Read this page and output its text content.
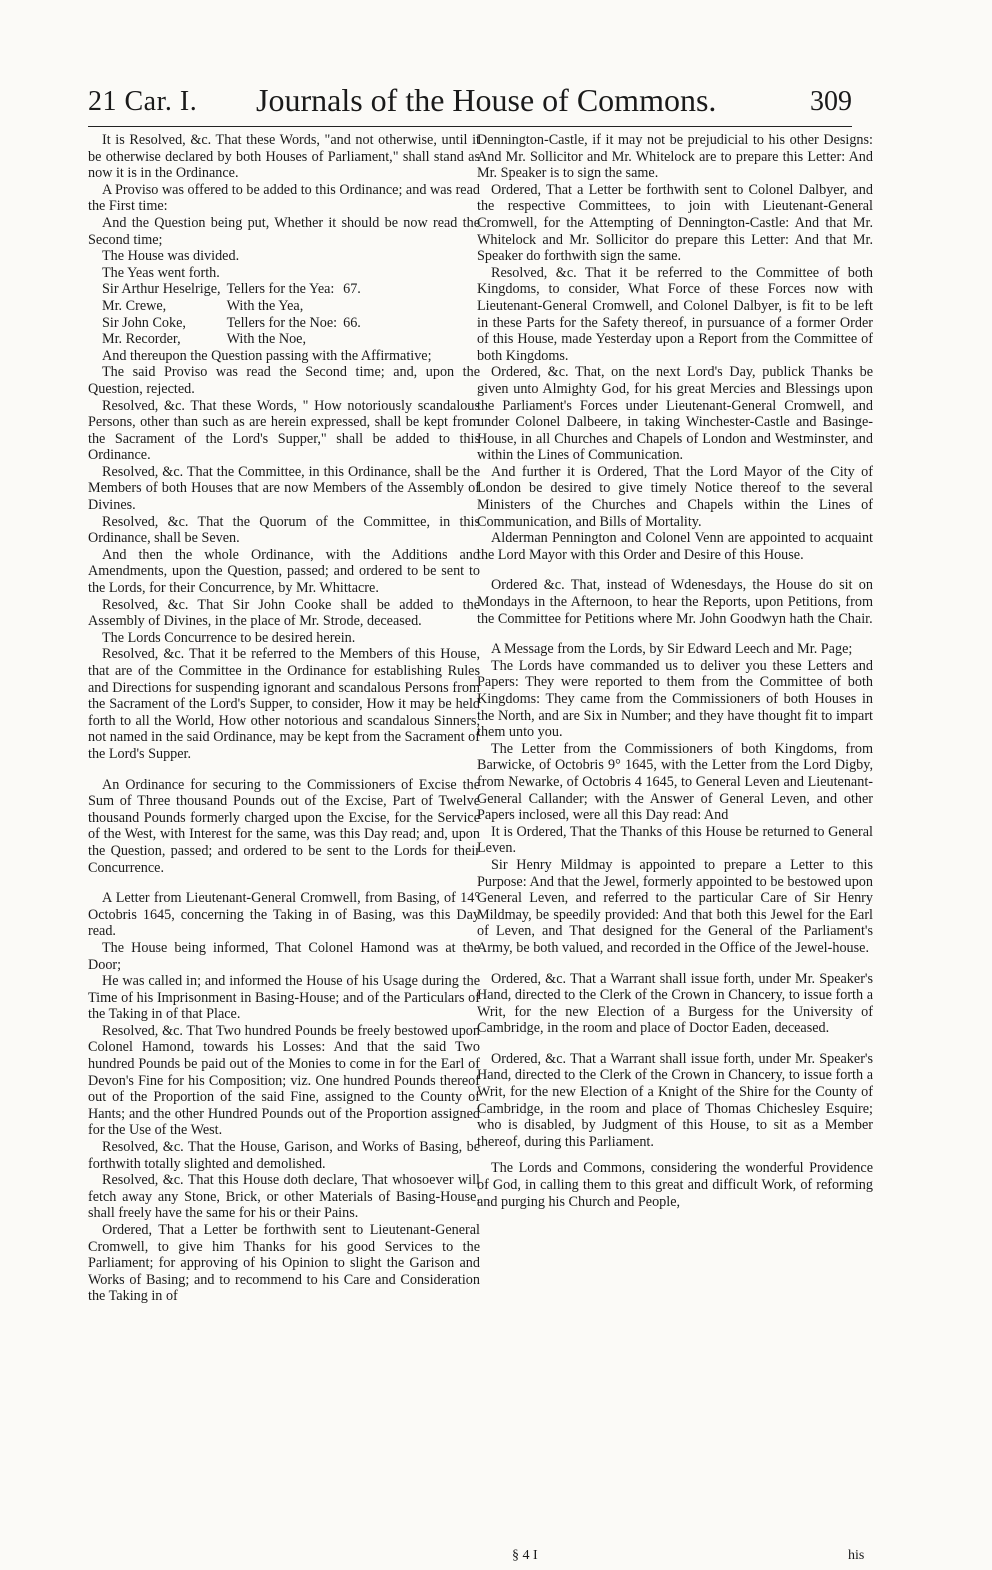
21 Car. I. Journals of the House of Commons.	309

It is Resolved, &c. That these Words, "and not otherwise, until it be otherwise declared by both Houses of Parliament," shall stand as now it is in the Ordinance.

A Proviso was offered to be added to this Ordinance; and was read the First time:

And the Question being put, Whether it should be now read the Second time;

The House was divided.

The Yeas went forth.

Sir Arthur Heselrige,	Tellers for the Yea:	67.
Mr. Crewe,	With the Yea,	
Sir John Coke,	Tellers for the Noe:	66.
Mr. Recorder,	With the Noe,	

And thereupon the Question passing with the Affirmative;

The said Proviso was read the Second time; and, upon the Question, rejected.

Resolved, &c. That these Words, " How notoriously scandalous Persons, other than such as are herein expressed, shall be kept from the Sacrament of the Lord's Supper," shall be added to this Ordinance.

Resolved, &c. That the Committee, in this Ordinance, shall be the Members of both Houses that are now Members of the Assembly of Divines.

Resolved, &c. That the Quorum of the Committee, in this Ordinance, shall be Seven.

And then the whole Ordinance, with the Additions and Amendments, upon the Question, passed; and ordered to be sent to the Lords, for their Concurrence, by Mr. Whittacre.

Resolved, &c. That Sir John Cooke shall be added to the Assembly of Divines, in the place of Mr. Strode, deceased.

The Lords Concurrence to be desired herein.

Resolved, &c. That it be referred to the Members of this House, that are of the Committee in the Ordinance for establishing Rules and Directions for suspending ignorant and scandalous Persons from the Sacrament of the Lord's Supper, to consider, How it may be held forth to all the World, How other notorious and scandalous Sinners, not named in the said Ordinance, may be kept from the Sacrament of the Lord's Supper.

An Ordinance for securing to the Commissioners of Excise the Sum of Three thousand Pounds out of the Excise, Part of Twelve thousand Pounds formerly charged upon the Excise, for the Service of the West, with Interest for the same, was this Day read; and, upon the Question, passed; and ordered to be sent to the Lords for their Concurrence.

A Letter from Lieutenant-General Cromwell, from Basing, of 14° Octobris 1645, concerning the Taking in of Basing, was this Day read.

The House being informed, That Colonel Hamond was at the Door;

He was called in; and informed the House of his Usage during the Time of his Imprisonment in Basing-House; and of the Particulars of the Taking in of that Place.

Resolved, &c. That Two hundred Pounds be freely bestowed upon Colonel Hamond, towards his Losses: And that the said Two hundred Pounds be paid out of the Monies to come in for the Earl of Devon's Fine for his Composition; viz. One hundred Pounds thereof out of the Proportion of the said Fine, assigned to the County of Hants; and the other Hundred Pounds out of the Proportion assigned for the Use of the West.

Resolved, &c. That the House, Garison, and Works of Basing, be forthwith totally slighted and demolished.

Resolved, &c. That this House doth declare, That whosoever will fetch away any Stone, Brick, or other Materials of Basing-House, shall freely have the same for his or their Pains.

Ordered, That a Letter be forthwith sent to Lieutenant-General Cromwell, to give him Thanks for his good Services to the Parliament; for approving of his Opinion to slight the Garison and Works of Basing; and to recommend to his Care and Consideration the Taking in of

Dennington-Castle, if it may not be prejudicial to his other Designs: And Mr. Sollicitor and Mr. Whitelock are to prepare this Letter: And Mr. Speaker is to sign the same.

Ordered, That a Letter be forthwith sent to Colonel Dalbyer, and the respective Committees, to join with Lieutenant-General Cromwell, for the Attempting of Dennington-Castle: And that Mr. Whitelock and Mr. Sollicitor do prepare this Letter: And that Mr. Speaker do forthwith sign the same.

Resolved, &c. That it be referred to the Committee of both Kingdoms, to consider, What Force of these Forces now with Lieutenant-General Cromwell, and Colonel Dalbyer, is fit to be left in these Parts for the Safety thereof, in pursuance of a former Order of this House, made Yesterday upon a Report from the Committee of both Kingdoms.

Ordered, &c. That, on the next Lord's Day, publick Thanks be given unto Almighty God, for his great Mercies and Blessings upon the Parliament's Forces under Lieutenant-General Cromwell, and under Colonel Dalbeere, in taking Winchester-Castle and Basinge-House, in all Churches and Chapels of London and Westminster, and within the Lines of Communication.

And further it is Ordered, That the Lord Mayor of the City of London be desired to give timely Notice thereof to the several Ministers of the Churches and Chapels within the Lines of Communication, and Bills of Mortality.

Alderman Pennington and Colonel Venn are appointed to acquaint the Lord Mayor with this Order and Desire of this House.

Ordered &c. That, instead of Wdenesdays, the House do sit on Mondays in the Afternoon, to hear the Reports, upon Petitions, from the Committee for Petitions where Mr. John Goodwyn hath the Chair.

A Message from the Lords, by Sir Edward Leech and Mr. Page;

The Lords have commanded us to deliver you these Letters and Papers: They were reported to them from the Committee of both Kingdoms: They came from the Commissioners of both Houses in the North, and are Six in Number; and they have thought fit to impart them unto you.

The Letter from the Commissioners of both Kingdoms, from Barwicke, of Octobris 9° 1645, with the Letter from the Lord Digby, from Newarke, of Octobris 4 1645, to General Leven and Lieutenant-General Callander; with the Answer of General Leven, and other Papers inclosed, were all this Day read: And

It is Ordered, That the Thanks of this House be returned to General Leven.

Sir Henry Mildmay is appointed to prepare a Letter to this Purpose: And that the Jewel, formerly appointed to be bestowed upon General Leven, and referred to the particular Care of Sir Henry Mildmay, be speedily provided: And that both this Jewel for the Earl of Leven, and That designed for the General of the Parliament's Army, be both valued, and recorded in the Office of the Jewel-house.

Ordered, &c. That a Warrant shall issue forth, under Mr. Speaker's Hand, directed to the Clerk of the Crown in Chancery, to issue forth a Writ, for the new Election of a Burgess for the University of Cambridge, in the room and place of Doctor Eaden, deceased.

Ordered, &c. That a Warrant shall issue forth, under Mr. Speaker's Hand, directed to the Clerk of the Crown in Chancery, to issue forth a Writ, for the new Election of a Knight of the Shire for the County of Cambridge, in the room and place of Thomas Chichesley Esquire; who is disabled, by Judgment of this House, to sit as a Member thereof, during this Parliament.

The Lords and Commons, considering the wonderful Providence of God, in calling them to this great and difficult Work, of reforming and purging his Church and People,

§ 4 I	his
